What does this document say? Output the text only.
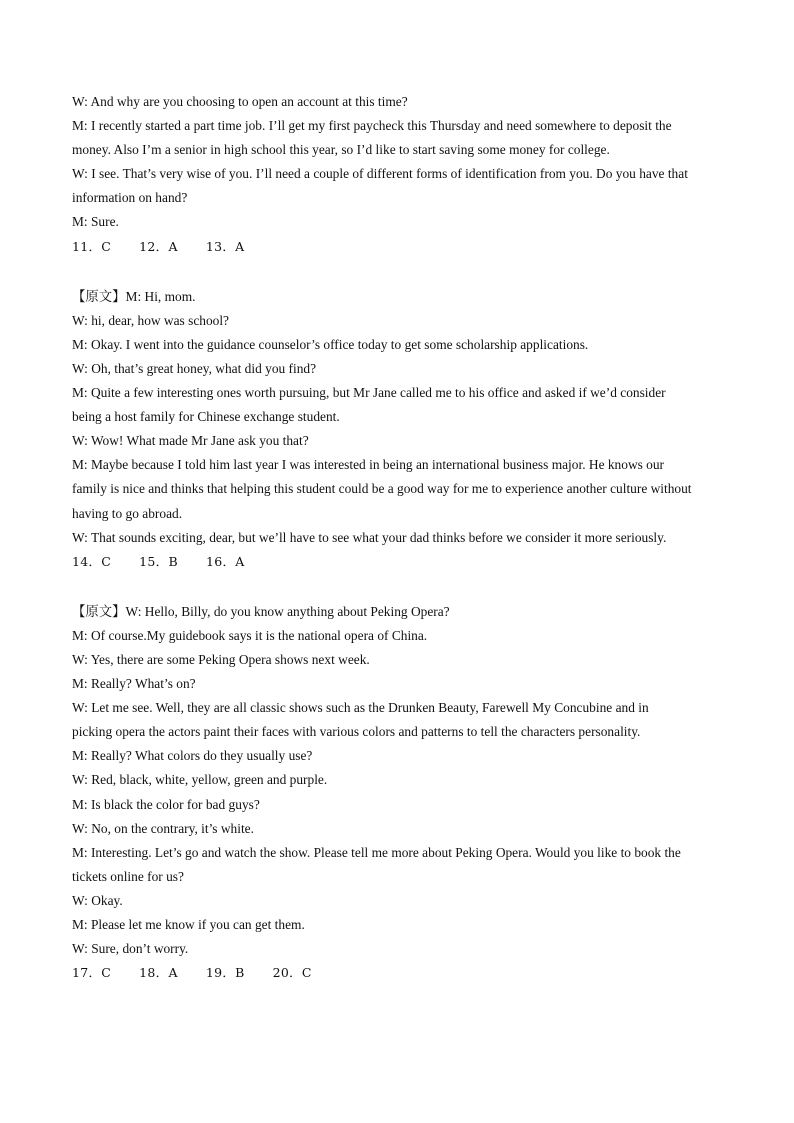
W: And why are you choosing to open an account at this time?
M: I recently started a part time job. I’ll get my first paycheck this Thursday and need somewhere to deposit the
money. Also I’m a senior in high school this year, so I’d like to start saving some money for college.
W: I see. That’s very wise of you. I’ll need a couple of different forms of identification from you. Do you have that
information on hand?
M: Sure.
11．C 12．A 13．A
【原文】M: Hi, mom.
W: hi, dear, how was school?
M: Okay. I went into the guidance counselor’s office today to get some scholarship applications.
W: Oh, that’s great honey, what did you find?
M: Quite a few interesting ones worth pursuing, but Mr Jane called me to his office and asked if we’d consider
being a host family for Chinese exchange student.
W: Wow! What made Mr Jane ask you that?
M: Maybe because I told him last year I was interested in being an international business major. He knows our
family is nice and thinks that helping this student could be a good way for me to experience another culture without
having to go abroad.
W: That sounds exciting, dear, but we’ll have to see what your dad thinks before we consider it more seriously.
14．C 15．B 16．A
【原文】W: Hello, Billy, do you know anything about Peking Opera?
M: Of course.My guidebook says it is the national opera of China.
W: Yes, there are some Peking Opera shows next week.
M: Really? What’s on?
W: Let me see. Well, they are all classic shows such as the Drunken Beauty, Farewell My Concubine and in
picking opera the actors paint their faces with various colors and patterns to tell the characters personality.
M: Really? What colors do they usually use?
W: Red, black, white, yellow, green and purple.
M: Is black the color for bad guys?
W: No, on the contrary, it’s white.
M: Interesting. Let’s go and watch the show. Please tell me more about Peking Opera. Would you like to book the
tickets online for us?
W: Okay.
M: Please let me know if you can get them.
W: Sure, don’t worry.
17．C 18．A 19．B 20．C
